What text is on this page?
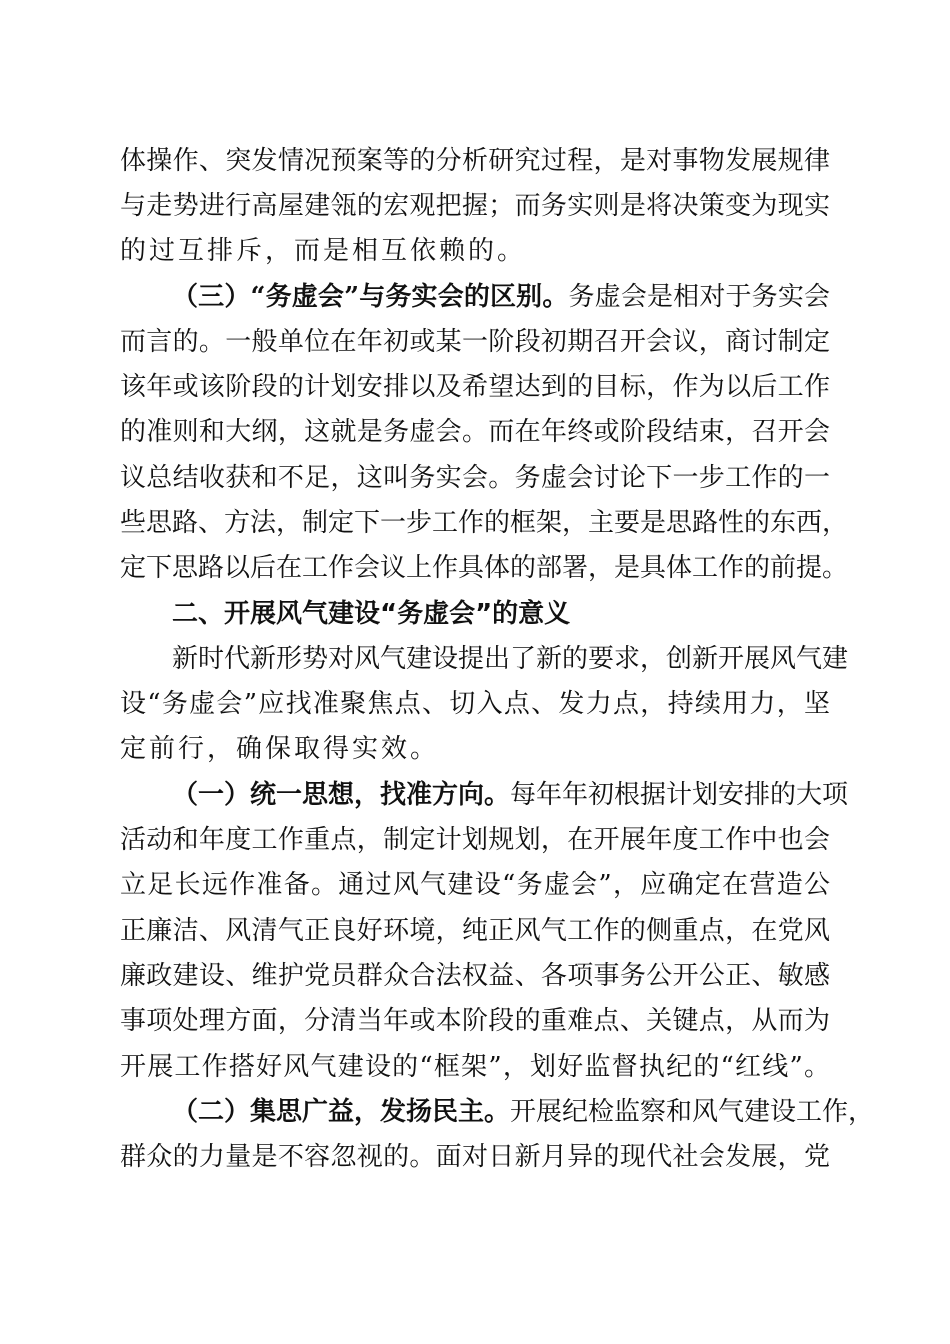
体操作、突发情况预案等的分析研究过程，是对事物发展规律
与走势进行高屋建瓴的宏观把握；而务实则是将决策变为现实
的过互排斥，而是相互依赖的。
（三）“务虚会”与务实会的区别。务虚会是相对于务实会
而言的。一般单位在年初或某一阶段初期召开会议，商讨制定
该年或该阶段的计划安排以及希望达到的目标，作为以后工作
的准则和大纲，这就是务虚会。而在年终或阶段结束，召开会
议总结收获和不足，这叫务实会。务虚会讨论下一步工作的一
些思路、方法，制定下一步工作的框架，主要是思路性的东西，
定下思路以后在工作会议上作具体的部署，是具体工作的前提。
二、开展风气建设“务虚会”的意义
新时代新形势对风气建设提出了新的要求，创新开展风气建
设“务虚会”应找准聚焦点、切入点、发力点，持续用力，坚
定前行，确保取得实效。
（一）统一思想，找准方向。每年年初根据计划安排的大项
活动和年度工作重点，制定计划规划，在开展年度工作中也会
立足长远作准备。通过风气建设“务虚会”，应确定在营造公
正廉洁、风清气正良好环境，纯正风气工作的侧重点，在党风
廉政建设、维护党员群众合法权益、各项事务公开公正、敏感
事项处理方面，分清当年或本阶段的重难点、关键点，从而为
开展工作搭好风气建设的“框架”，划好监督执纪的“红线”。
（二）集思广益，发扬民主。开展纪检监察和风气建设工作，
群众的力量是不容忽视的。面对日新月异的现代社会发展，党
